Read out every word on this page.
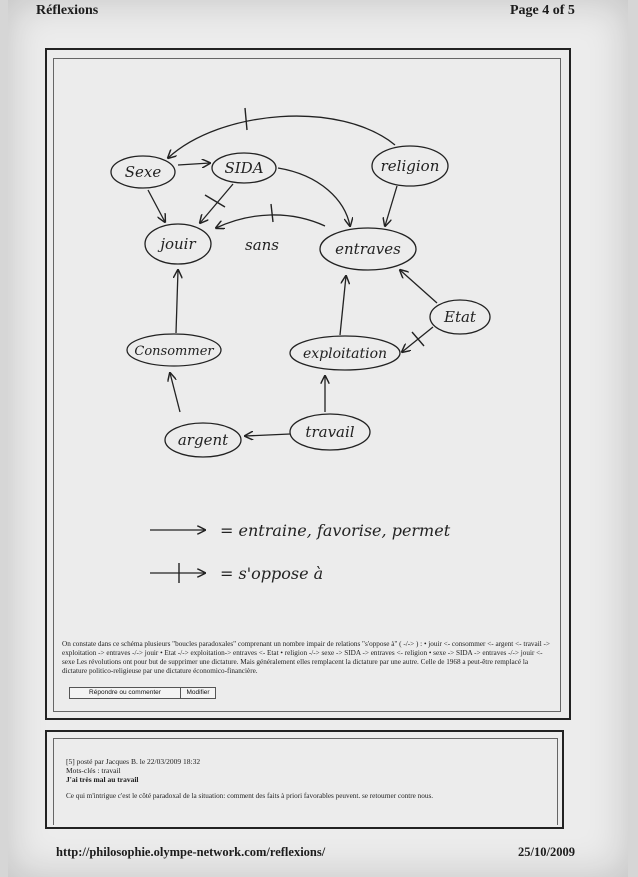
Réflexions	Page 4 of 5
Sexe	SIDA	religion
jouir	sans	entraves
Consommer	exploitation
Etat
argent	travail
= entraine, favorise, permet
= s'oppose à
On constate dans ce schéma plusieurs "boucles paradoxales" comprenant un nombre impair de relations "s'oppose à" ( -/-> ) : • jouir <- consommer <- argent <- travail -> exploitation -> entraves -/-> jouir • Etat -/-> exploitation-> entraves <- Etat • religion -/-> sexe -> SIDA -> entraves <- religion • sexe -> SIDA -> entraves -/-> jouir <- sexe Les révolutions ont pour but de supprimer une dictature. Mais généralement elles remplacent la dictature par une autre. Celle de 1968 a peut-être remplacé la dictature politico-religieuse par une dictature économico-financière.
Répondre ou commenter	Modifier
[5] posté par Jacques B. le 22/03/2009 18:32
Mots-clés : travail
J'ai très mal au travail
Ce qui m'intrigue c'est le côté paradoxal de la situation: comment des faits à priori favorables peuvent. se retourner contre nous.
http://philosophie.olympe-network.com/reflexions/	25/10/2009
